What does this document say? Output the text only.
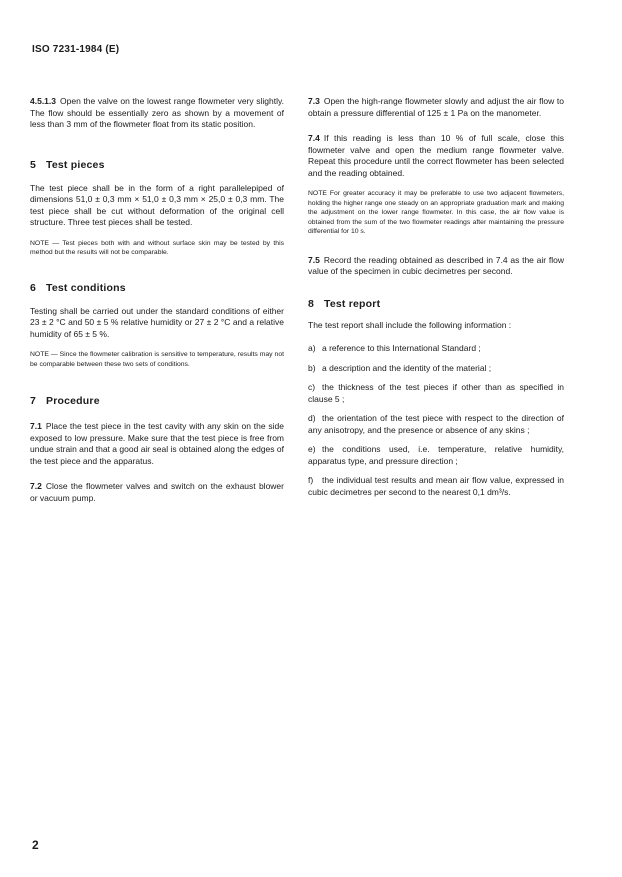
ISO 7231-1984 (E)

4.5.1.3 Open the valve on the lowest range flowmeter very slightly. The flow should be essentially zero as shown by a movement of less than 3 mm of the flowmeter float from its static position.

5 Test pieces

The test piece shall be in the form of a right parallelepiped of dimensions 51,0 ± 0,3 mm × 51,0 ± 0,3 mm × 25,0 ± 0,3 mm. The test piece shall be cut without deformation of the original cell structure. Three test pieces shall be tested.

NOTE — Test pieces both with and without surface skin may be tested by this method but the results will not be comparable.

6 Test conditions

Testing shall be carried out under the standard conditions of either 23 ± 2 °C and 50 ± 5 % relative humidity or 27 ± 2 °C and a relative humidity of 65 ± 5 %.

NOTE — Since the flowmeter calibration is sensitive to temperature, results may not be comparable between these two sets of conditions.

7 Procedure

7.1 Place the test piece in the test cavity with any skin on the side exposed to low pressure. Make sure that the test piece is free from undue strain and that a good air seal is obtained along the edges of the test piece and the apparatus.

7.2 Close the flowmeter valves and switch on the exhaust blower or vacuum pump.

7.3 Open the high-range flowmeter slowly and adjust the air flow to obtain a pressure differential of 125 ± 1 Pa on the manometer.

7.4 If this reading is less than 10 % of full scale, close this flowmeter valve and open the medium range flowmeter valve. Repeat this procedure until the correct flowmeter has been selected and the reading obtained.

NOTE For greater accuracy it may be preferable to use two adjacent flowmeters, holding the higher range one steady on an appropriate graduation mark and making the adjustment on the lower range flowmeter. In this case, the air flow value is obtained from the sum of the two flowmeter readings after maintaining the pressure differential for 10 s.

7.5 Record the reading obtained as described in 7.4 as the air flow value of the specimen in cubic decimetres per second.

8 Test report

The test report shall include the following information :

a) a reference to this International Standard ;

b) a description and the identity of the material ;

c) the thickness of the test pieces if other than as specified in clause 5 ;

d) the orientation of the test piece with respect to the direction of any anisotropy, and the presence or absence of any skins ;

e) the conditions used, i.e. temperature, relative humidity, apparatus type, and pressure direction ;

f) the individual test results and mean air flow value, expressed in cubic decimetres per second to the nearest 0,1 dm³/s.

2
